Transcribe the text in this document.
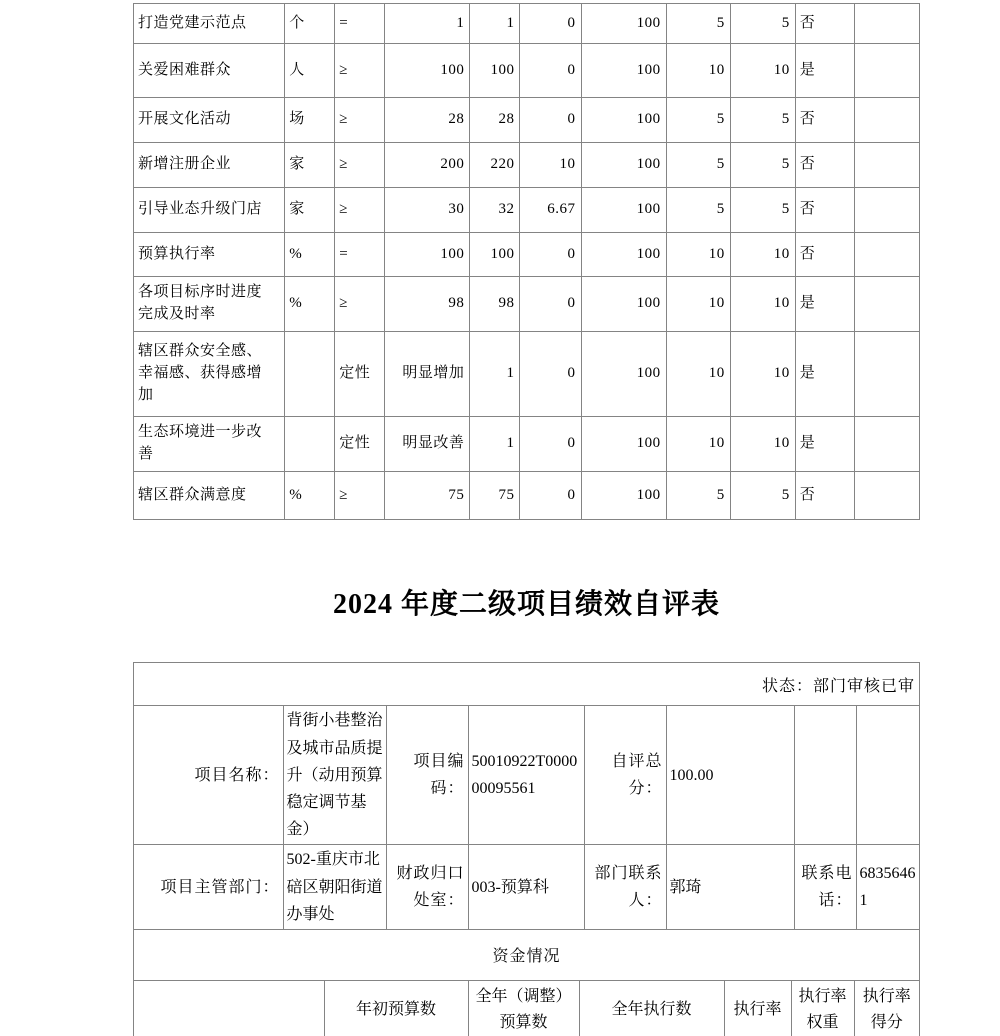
打造党建示范点	个	=	1	1	0	100	5	5	否	
关爱困难群众	人	≥	100	100	0	100	10	10	是	
开展文化活动	场	≥	28	28	0	100	5	5	否	
新增注册企业	家	≥	200	220	10	100	5	5	否	
引导业态升级门店	家	≥	30	32	6.67	100	5	5	否	
预算执行率	%	=	100	100	0	100	10	10	否	
各项目标序时进度完成及时率	%	≥	98	98	0	100	10	10	是	
辖区群众安全感、幸福感、获得感增加		定性	明显增加	1	0	100	10	10	是	
生态环境进一步改善		定性	明显改善	1	0	100	10	10	是	
辖区群众满意度	%	≥	75	75	0	100	5	5	否	
2024 年度二级项目绩效自评表
状态：部门审核已审
项目名称：	背街小巷整治及城市品质提升（动用预算稳定调节基金）	项目编码：	50010922T000000095561	自评总分：	100.00		
项目主管部门：	502-重庆市北碚区朝阳街道办事处	财政归口处室：	003-预算科	部门联系人：	郭琦	联系电话：	68356461
资金情况
	年初预算数	全年（调整）预算数	全年执行数	执行率	执行率权重	执行率得分
